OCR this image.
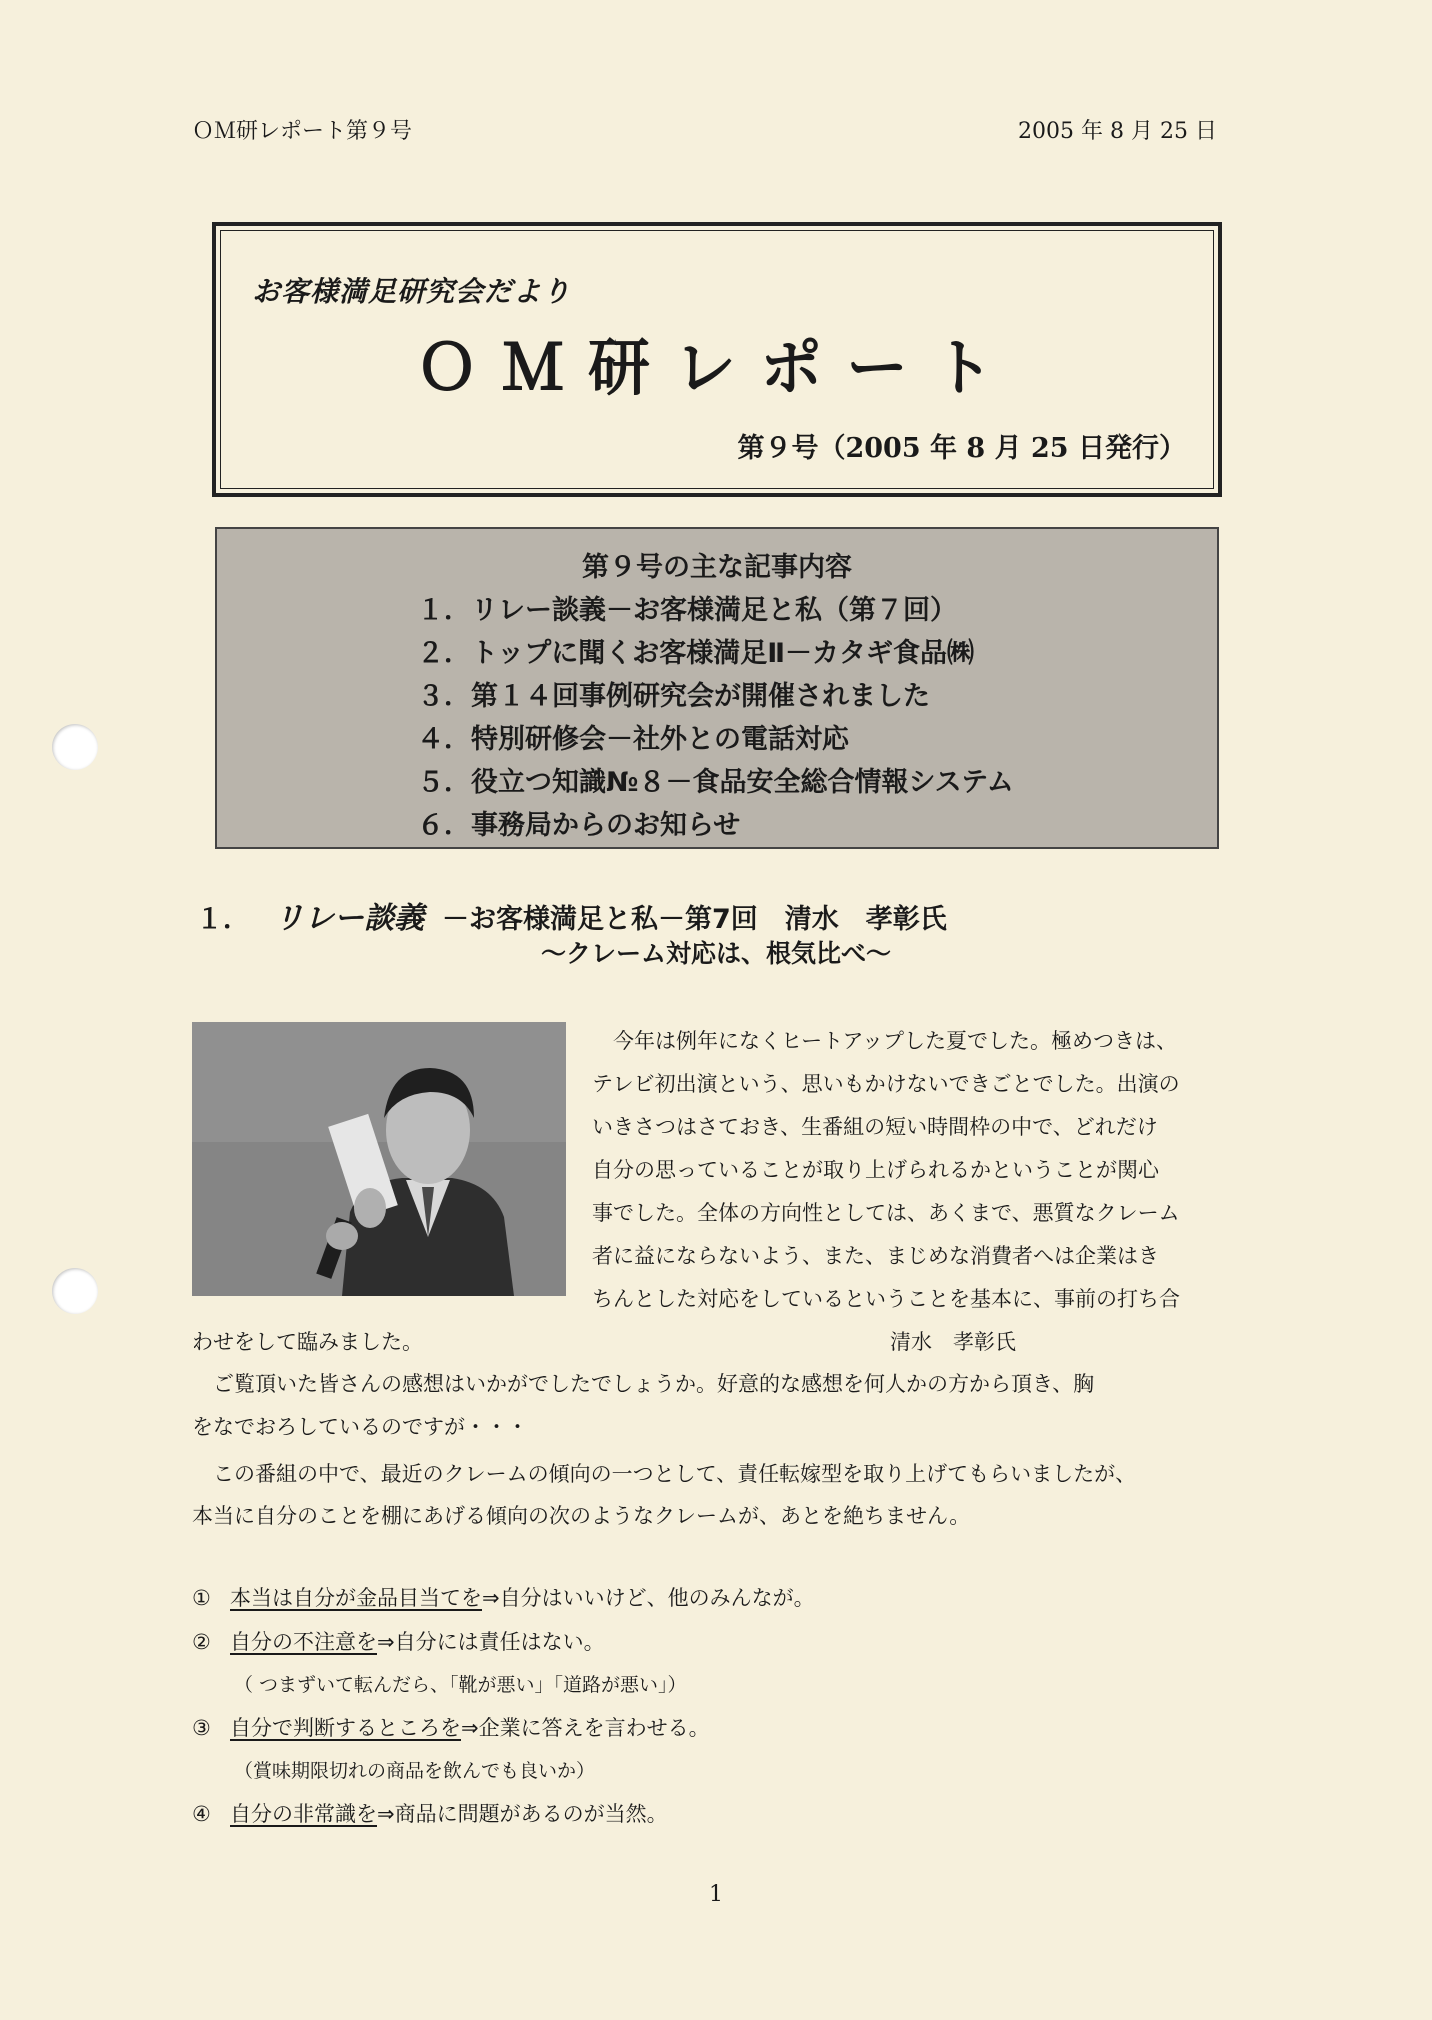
ＯＭ研レポート第９号	2005 年 8 月 25 日
お客様満足研究会だより
ＯＭ研レポート
第９号（2005 年 8 月 25 日発行）
第９号の主な記事内容
１．リレー談義－お客様満足と私（第７回）
２．トップに聞くお客様満足Ⅱ－カタギ食品㈱
３．第１４回事例研究会が開催されました
４．特別研修会－社外との電話対応
５．役立つ知識№８－食品安全総合情報システム
６．事務局からのお知らせ
１． リレー談義 －お客様満足と私－第7回　清水　孝彰氏
～クレーム対応は、根気比べ～
　今年は例年になくヒートアップした夏でした。極めつきは、
テレビ初出演という、思いもかけないできごとでした。出演の
いきさつはさておき、生番組の短い時間枠の中で、どれだけ
自分の思っていることが取り上げられるかということが関心
事でした。全体の方向性としては、あくまで、悪質なクレーム
者に益にならないよう、また、まじめな消費者へは企業はき
ちんとした対応をしているということを基本に、事前の打ち合
わせをして臨みました。	清水　孝彰氏
　ご覧頂いた皆さんの感想はいかがでしたでしょうか。好意的な感想を何人かの方から頂き、胸
をなでおろしているのですが・・・
　この番組の中で、最近のクレームの傾向の一つとして、責任転嫁型を取り上げてもらいましたが、
本当に自分のことを棚にあげる傾向の次のようなクレームが、あとを絶ちません。
① 本当は自分が金品目当てを⇒自分はいいけど、他のみんなが。
② 自分の不注意を⇒自分には責任はない。
（ つまずいて転んだら、「靴が悪い」「道路が悪い」）
③ 自分で判断するところを⇒企業に答えを言わせる。
（賞味期限切れの商品を飲んでも良いか）
④ 自分の非常識を⇒商品に問題があるのが当然。
1
